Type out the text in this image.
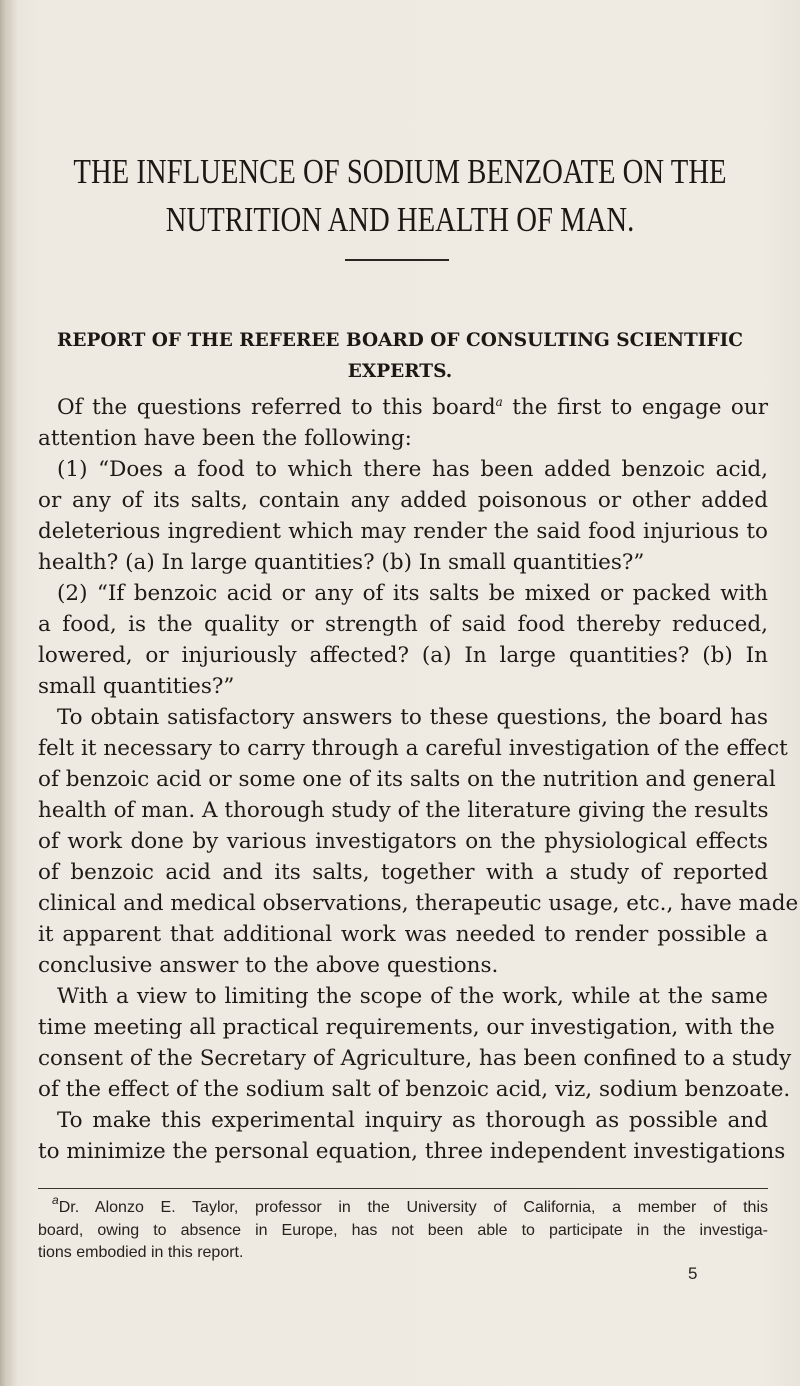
THE INFLUENCE OF SODIUM BENZOATE ON THE
NUTRITION AND HEALTH OF MAN.
REPORT OF THE REFEREE BOARD OF CONSULTING SCIENTIFIC
EXPERTS.
Of the questions referred to this board$^a$ the first to engage our
attention have been the following:
(1) “Does a food to which there has been added benzoic acid,
or any of its salts, contain any added poisonous or other added
deleterious ingredient which may render the said food injurious to
health? (a) In large quantities? (b) In small quantities?”
(2) “If benzoic acid or any of its salts be mixed or packed with
a food, is the quality or strength of said food thereby reduced,
lowered, or injuriously affected? (a) In large quantities? (b) In
small quantities?”
To obtain satisfactory answers to these questions, the board has
felt it necessary to carry through a careful investigation of the effect
of benzoic acid or some one of its salts on the nutrition and general
health of man. A thorough study of the literature giving the results
of work done by various investigators on the physiological effects
of benzoic acid and its salts, together with a study of reported
clinical and medical observations, therapeutic usage, etc., have made
it apparent that additional work was needed to render possible a
conclusive answer to the above questions.
With a view to limiting the scope of the work, while at the same
time meeting all practical requirements, our investigation, with the
consent of the Secretary of Agriculture, has been confined to a study
of the effect of the sodium salt of benzoic acid, viz, sodium benzoate.
To make this experimental inquiry as thorough as possible and
to minimize the personal equation, three independent investigations
$^a$Dr. Alonzo E. Taylor, professor in the University of California, a member of this
board, owing to absence in Europe, has not been able to participate in the investiga-
tions embodied in this report.
5
